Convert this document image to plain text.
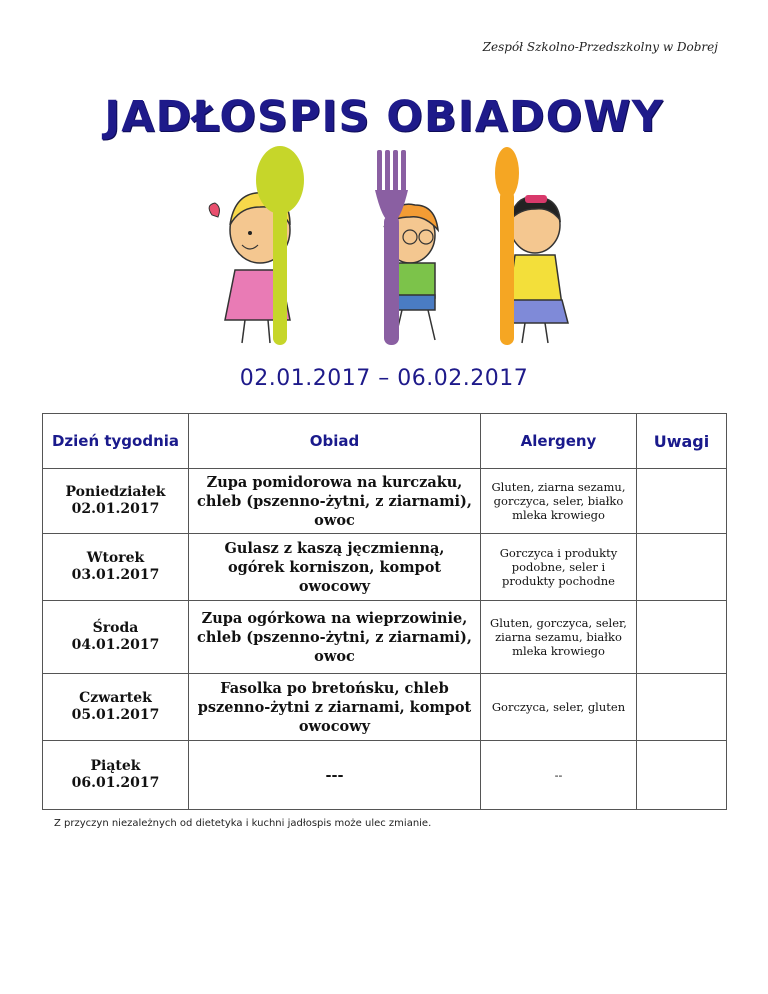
Zespół Szkolno-Przedszkolny w Dobrej
JADŁOSPIS OBIADOWY
02.01.2017 – 06.02.2017
Dzień tygodnia	Obiad	Alergeny	Uwagi

Poniedziałek
02.01.2017	Zupa pomidorowa na kurczaku, chleb (pszenno-żytni, z ziarnami), owoc	Gluten, ziarna sezamu, gorczyca, seler, białko mleka krowiego	

Wtorek
03.01.2017	Gulasz z kaszą jęczmienną, ogórek korniszon, kompot owocowy	Gorczyca i produkty podobne, seler i produkty pochodne	

Środa
04.01.2017	Zupa ogórkowa na wieprzowinie, chleb (pszenno-żytni, z ziarnami), owoc	Gluten, gorczyca, seler, ziarna sezamu, białko mleka krowiego	

Czwartek
05.01.2017	Fasolka po bretońsku, chleb pszenno-żytni z ziarnami, kompot owocowy	Gorczyca, seler, gluten	

Piątek
06.01.2017	---	--	
Z przyczyn niezależnych od dietetyka i kuchni jadłospis może ulec zmianie.
